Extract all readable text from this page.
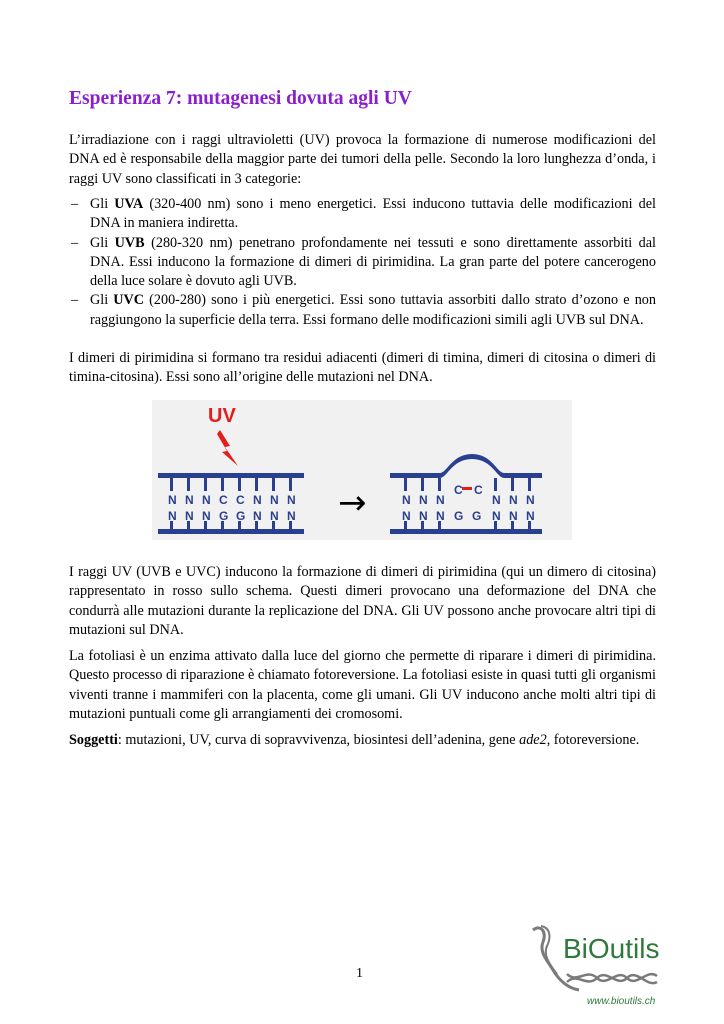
Esperienza 7: mutagenesi dovuta agli UV

L’irradiazione con i raggi ultravioletti (UV) provoca la formazione di numerose modificazioni del DNA ed è responsabile della maggior parte dei tumori della pelle. Secondo la loro lunghezza d’onda, i raggi UV sono classificati in 3 categorie:

– Gli UVA (320-400 nm) sono i meno energetici. Essi inducono tuttavia delle modificazioni del DNA in maniera indiretta.
– Gli UVB (280-320 nm) penetrano profondamente nei tessuti e sono direttamente assorbiti dal DNA. Essi inducono la formazione di dimeri di pirimidina. La gran parte del potere cancerogeno della luce solare è dovuto agli UVB.
– Gli UVC (200-280) sono i più energetici. Essi sono tuttavia assorbiti dallo strato d’ozono e non raggiungono la superficie della terra. Essi formano delle modificazioni simili agli UVB sul DNA.

I dimeri di pirimidina si formano tra residui adiacenti (dimeri di timina, dimeri di citosina o dimeri di timina-citosina). Essi sono all’origine delle mutazioni nel DNA.

UV
N N N C C N N N
N N N G G N N N →	N N N
C C
N N N
N N N G G N N N

I raggi UV (UVB e UVC) inducono la formazione di dimeri di pirimidina (qui un dimero di citosina) rappresentato in rosso sullo schema. Questi dimeri provocano una deformazione del DNA che condurrà alle mutazioni durante la replicazione del DNA. Gli UV possono anche provocare altri tipi di mutazioni sul DNA.

La fotoliasi è un enzima attivato dalla luce del giorno che permette di riparare i dimeri di pirimidina. Questo processo di riparazione è chiamato fotoreversione. La fotoliasi esiste in quasi tutti gli organismi viventi tranne i mammiferi con la placenta, come gli umani. Gli UV inducono anche molti altri tipi di mutazioni puntuali come gli arrangiamenti dei cromosomi.

Soggetti: mutazioni, UV, curva di sopravvivenza, biosintesi dell’adenina, gene ade2, fotoreversione.

1
BiOutils
www.bioutils.ch
